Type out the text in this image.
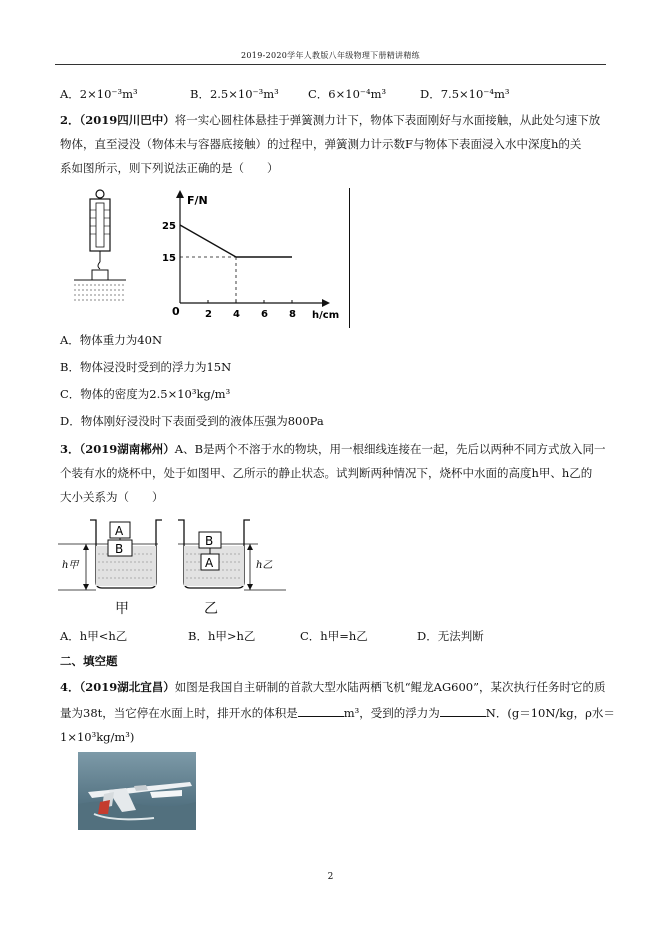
2019-2020学年人教版八年级物理下册精讲精练
A．2×10⁻³m³	B．2.5×10⁻³m³	C．6×10⁻⁴m³	D．7.5×10⁻⁴m³
2．（2019四川巴中）将一实心圆柱体悬挂于弹簧测力计下，物体下表面刚好与水面接触，从此处匀速下放
物体，直至浸没（物体未与容器底接触）的过程中，弹簧测力计示数F与物体下表面浸入水中深度h的关
系如图所示，则下列说法正确的是（　　）
F/N
h/cm
0	2 4 6 8
15
25
A．物体重力为40N
B．物体浸没时受到的浮力为15N
C．物体的密度为2.5×10³kg/m³
D．物体刚好浸没时下表面受到的液体压强为800Pa
3．（2019湖南郴州）A、B是两个不溶于水的物块，用一根细线连接在一起，先后以两种不同方式放入同一
个装有水的烧杯中，处于如图甲、乙所示的静止状态。试判断两种情况下，烧杯中水面的高度h甲、h乙的
大小关系为（　　）
A
B
h甲
B
A	h乙
甲	乙
A．h甲<h乙	B．h甲>h乙	C．h甲=h乙	D．无法判断
二、填空题
4．（2019湖北宜昌）如图是我国自主研制的首款大型水陆两栖飞机“鲲龙AG600”，某次执行任务时它的质
量为38t，当它停在水面上时，排开水的体积是	m³，受到的浮力为	N．(g＝10N/kg，ρ水＝
1×10³kg/m³)
2
